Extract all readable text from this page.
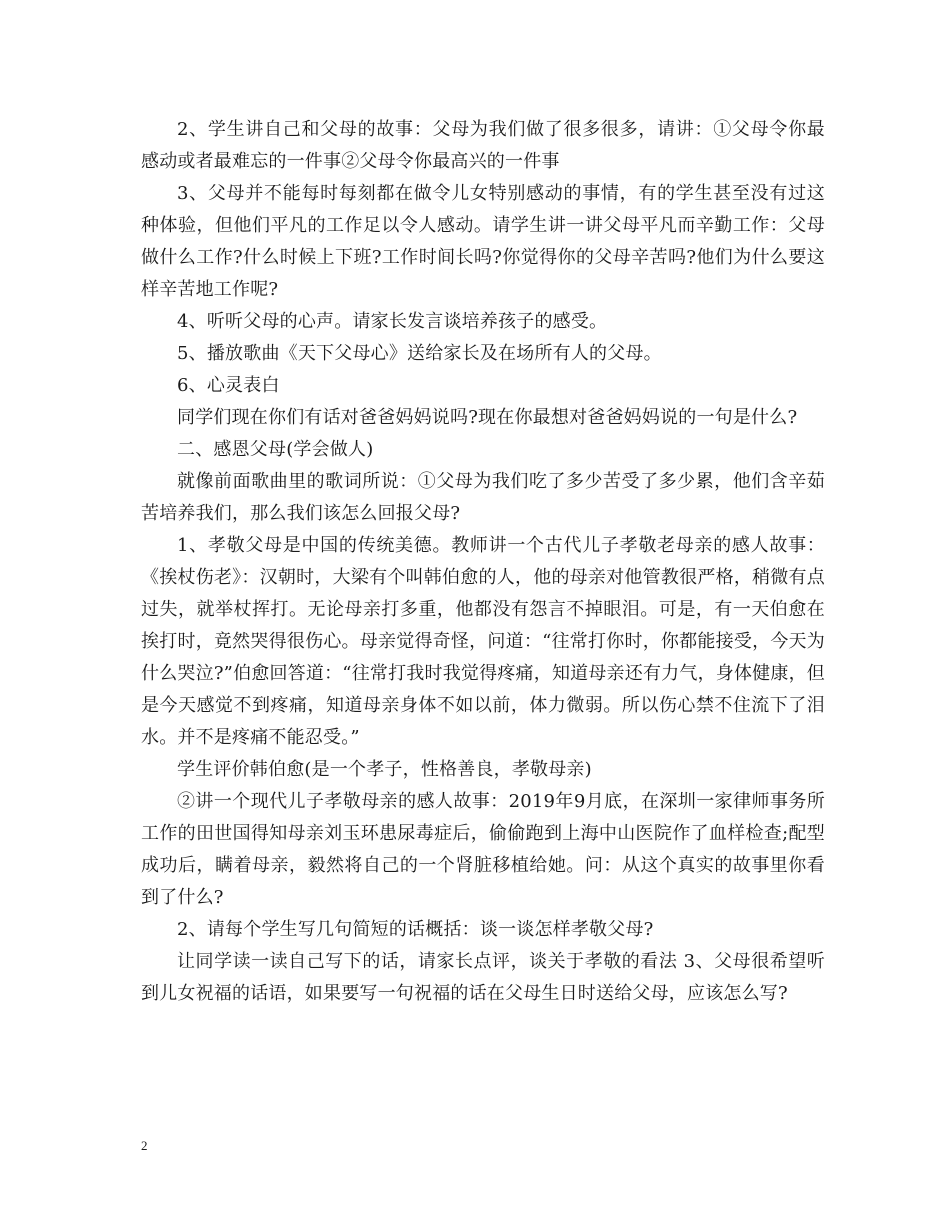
2、学生讲自己和父母的故事：父母为我们做了很多很多，请讲：①父母令你最感动或者最难忘的一件事②父母令你最高兴的一件事

3、父母并不能每时每刻都在做令儿女特别感动的事情，有的学生甚至没有过这种体验，但他们平凡的工作足以令人感动。请学生讲一讲父母平凡而辛勤工作：父母做什么工作?什么时候上下班?工作时间长吗?你觉得你的父母辛苦吗?他们为什么要这样辛苦地工作呢?

4、听听父母的心声。请家长发言谈培养孩子的感受。

5、播放歌曲《天下父母心》送给家长及在场所有人的父母。

6、心灵表白

同学们现在你们有话对爸爸妈妈说吗?现在你最想对爸爸妈妈说的一句是什么?

二、感恩父母(学会做人)

就像前面歌曲里的歌词所说：①父母为我们吃了多少苦受了多少累，他们含辛茹苦培养我们，那么我们该怎么回报父母?

1、孝敬父母是中国的传统美德。教师讲一个古代儿子孝敬老母亲的感人故事：《挨杖伤老》：汉朝时，大梁有个叫韩伯愈的人，他的母亲对他管教很严格，稍微有点过失，就举杖挥打。无论母亲打多重，他都没有怨言不掉眼泪。可是，有一天伯愈在挨打时，竟然哭得很伤心。母亲觉得奇怪，问道：“往常打你时，你都能接受，今天为什么哭泣?”伯愈回答道：“往常打我时我觉得疼痛，知道母亲还有力气，身体健康，但是今天感觉不到疼痛，知道母亲身体不如以前，体力微弱。所以伤心禁不住流下了泪水。并不是疼痛不能忍受。”

学生评价韩伯愈(是一个孝子，性格善良，孝敬母亲)

②讲一个现代儿子孝敬母亲的感人故事：2019年9月底，在深圳一家律师事务所工作的田世国得知母亲刘玉环患尿毒症后，偷偷跑到上海中山医院作了血样检查;配型成功后，瞒着母亲，毅然将自己的一个肾脏移植给她。问：从这个真实的故事里你看到了什么?

2、请每个学生写几句简短的话概括：谈一谈怎样孝敬父母?

让同学读一读自己写下的话，请家长点评，谈关于孝敬的看法 3、父母很希望听到儿女祝福的话语，如果要写一句祝福的话在父母生日时送给父母，应该怎么写?

2
